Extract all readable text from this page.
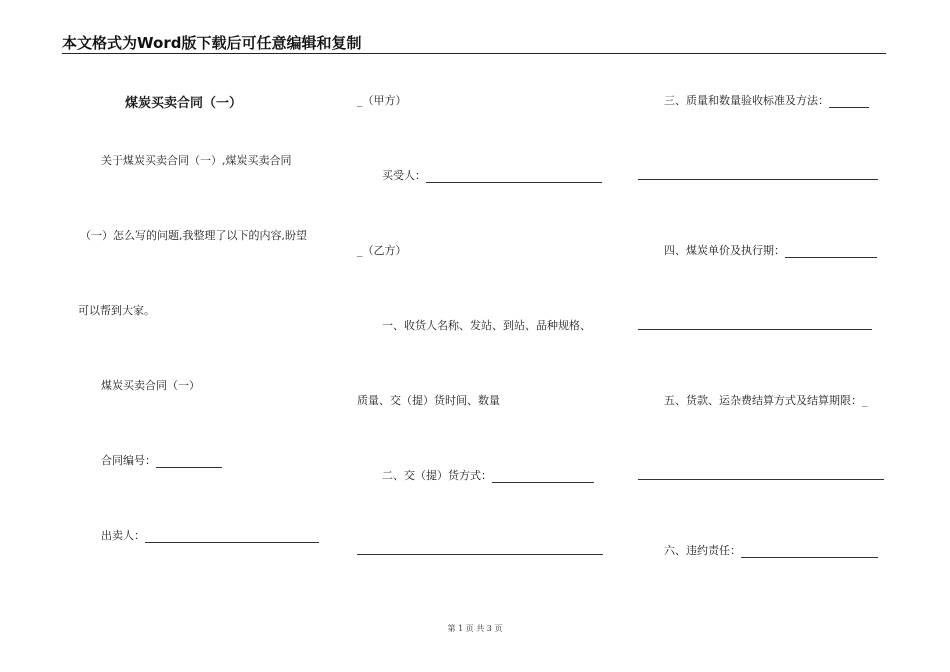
本文格式为Word版下载后可任意编辑和复制
煤炭买卖合同（一）
关于煤炭买卖合同（一）,煤炭买卖合同
（一）怎么写的问题,我整理了以下的内容,盼望
可以帮到大家。
煤炭买卖合同（一）
合同编号：
出卖人：
_（甲方）
买受人：
_（乙方）
一、收货人名称、发站、到站、品种规格、
质量、交（提）货时间、数量
二、交（提）货方式：
三、质量和数量验收标准及方法：
四、煤炭单价及执行期：
五、货款、运杂费结算方式及结算期限：_
六、违约责任：
第 1 页 共 3 页
